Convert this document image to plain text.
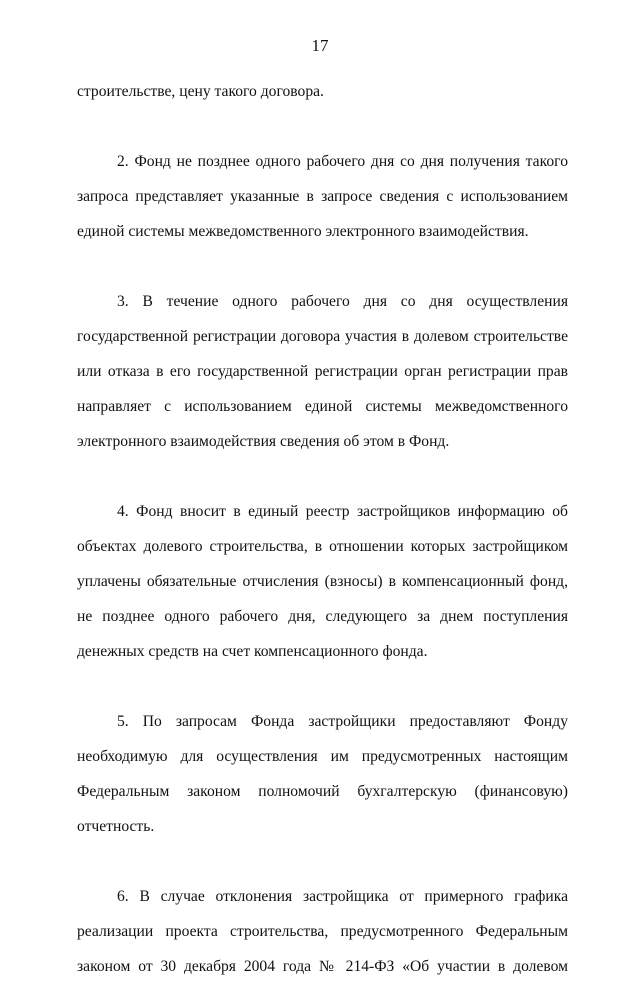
17

строительстве, цену такого договора.

2. Фонд не позднее одного рабочего дня со дня получения такого запроса представляет указанные в запросе сведения с использованием единой системы межведомственного электронного взаимодействия.

3. В течение одного рабочего дня со дня осуществления государственной регистрации договора участия в долевом строительстве или отказа в его государственной регистрации орган регистрации прав направляет с использованием единой системы межведомственного электронного взаимодействия сведения об этом в Фонд.

4. Фонд вносит в единый реестр застройщиков информацию об объектах долевого строительства, в отношении которых застройщиком уплачены обязательные отчисления (взносы) в компенсационный фонд, не позднее одного рабочего дня, следующего за днем поступления денежных средств на счет компенсационного фонда.

5. По запросам Фонда застройщики предоставляют Фонду необходимую для осуществления им предусмотренных настоящим Федеральным законом полномочий бухгалтерскую (финансовую) отчетность.

6. В случае отклонения застройщика от примерного графика реализации проекта строительства, предусмотренного Федеральным законом от 30 декабря 2004 года № 214-ФЗ «Об участии в долевом
